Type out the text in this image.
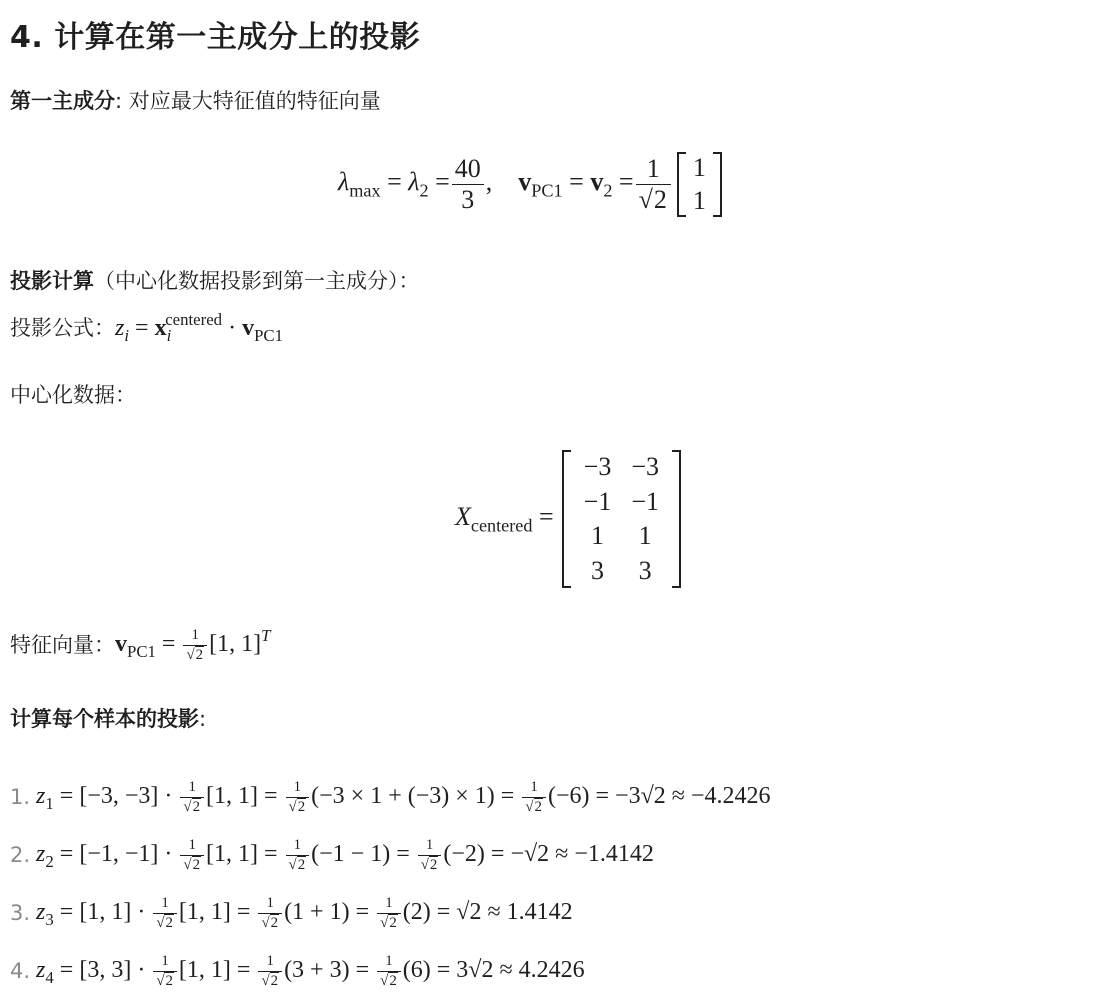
4. 计算在第一主成分上的投影
第一主成分: 对应最大特征值的特征向量
$\lambda_{max} = \lambda_2 = \frac{40}{3}$ ,    $v_{PC1} = v_2 = \frac{1}{√2} 1$
1
投影计算（中心化数据投影到第一主成分）：
投影公式： $z_i = x_i^{centered} \cdot v_{PC1}$
中心化数据：
$X_{centered}$ =
−3	−3
−1	−1
1	1
3	3
特征向量： $v_{PC1} = \frac{1}{√2} [1$, 1]$^T$
计算每个样本的投影:
1. $z_1 = [-3$, $-3] \cdot \frac{1}{√2} [1$, $1] = \frac{1}{√2} (-3 \times 1 + (-3) \times 1) = \frac{1}{√2} (-6) = -3√2 \approx -4.2426$
2. $z_2 = [-1$, $-1] \cdot \frac{1}{√2} [1$, $1] = \frac{1}{√2} (-1 - 1) = \frac{1}{√2} (-2) = -√2 \approx -1.4142$
3. $z_3 = [1$, $1] \cdot \frac{1}{√2} [1$, $1] = \frac{1}{√2} (1 + 1) = \frac{1}{√2} (2) = √2 \approx 1.4142$
4. $z_4 = [3$, $3] \cdot \frac{1}{√2} [1$, $1] = \frac{1}{√2} (3 + 3) = \frac{1}{√2} (6) = 3√2 \approx 4.2426$
